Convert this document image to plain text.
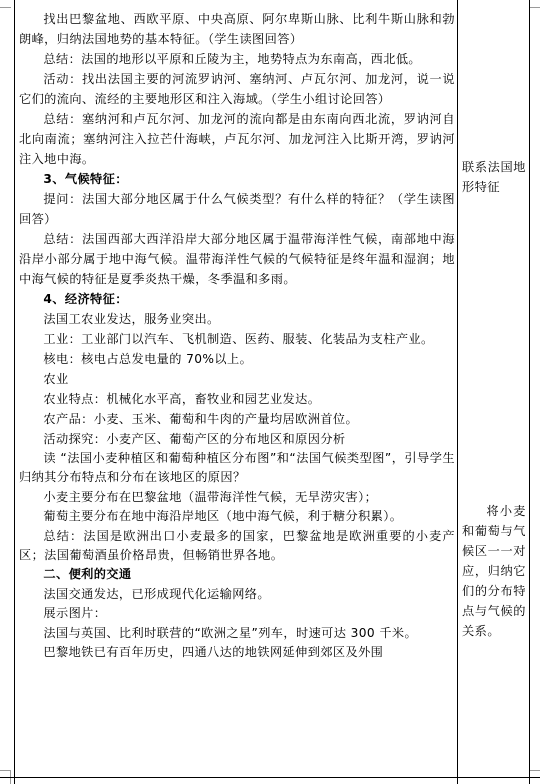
找出巴黎盆地、西欧平原、中央高原、阿尔卑斯山脉、比利牛斯山脉和勃朗峰，归纳法国地势的基本特征。（学生读图回答）

总结：法国的地形以平原和丘陵为主，地势特点为东南高，西北低。

活动：找出法国主要的河流罗讷河、塞纳河、卢瓦尔河、加龙河，说一说它们的流向、流经的主要地形区和注入海域。（学生小组讨论回答）

总结：塞纳河和卢瓦尔河、加龙河的流向都是由东南向西北流，罗讷河自北向南流；塞纳河注入拉芒什海峡，卢瓦尔河、加龙河注入比斯开湾，罗讷河注入地中海。

3、气候特征：

提问：法国大部分地区属于什么气候类型？有什么样的特征？（学生读图回答）

总结：法国西部大西洋沿岸大部分地区属于温带海洋性气候，南部地中海沿岸小部分属于地中海气候。温带海洋性气候的气候特征是终年温和湿润；地中海气候的特征是夏季炎热干燥，冬季温和多雨。

4、经济特征：

法国工农业发达，服务业突出。

工业：工业部门以汽车、飞机制造、医药、服装、化装品为支柱产业。

核电：核电占总发电量的 70%以上。

农业

农业特点：机械化水平高，畜牧业和园艺业发达。

农产品：小麦、玉米、葡萄和牛肉的产量均居欧洲首位。

活动探究：小麦产区、葡萄产区的分布地区和原因分析

读 “法国小麦种植区和葡萄种植区分布图”和“法国气候类型图”，引导学生归纳其分布特点和分布在该地区的原因？

小麦主要分布在巴黎盆地（温带海洋性气候，无旱涝灾害）；

葡萄主要分布在地中海沿岸地区（地中海气候，利于糖分积累）。

总结：法国是欧洲出口小麦最多的国家，巴黎盆地是欧洲重要的小麦产区；法国葡萄酒虽价格昂贵，但畅销世界各地。

二、便利的交通

法国交通发达，已形成现代化运输网络。

展示图片：

法国与英国、比利时联营的“欧洲之星”列车，时速可达 300 千米。

巴黎地铁已有百年历史，四通八达的地铁网延伸到郊区及外围

联系法国地形特征
将小麦和葡萄与气候区一一对应，归纳它们的分布特点与气候的关系。
